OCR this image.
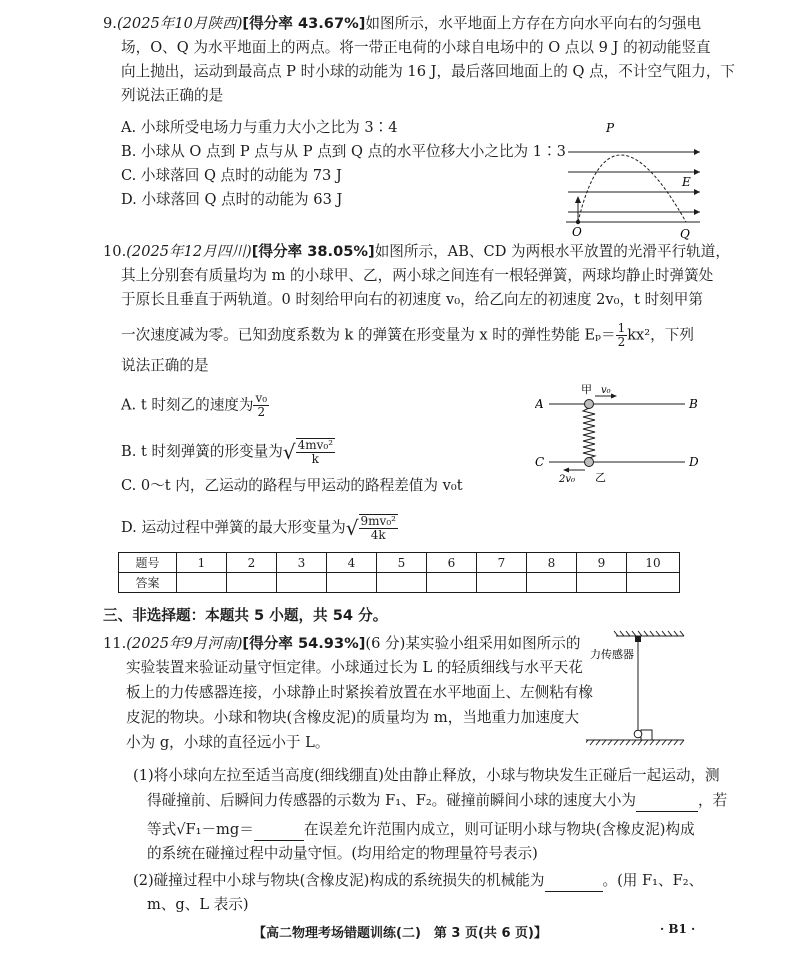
9.(2025年10月陕西)[得分率 43.67%]如图所示，水平地面上方存在方向水平向右的匀强电
场，O、Q 为水平地面上的两点。将一带正电荷的小球自电场中的 O 点以 9 J 的初动能竖直
向上抛出，运动到最高点 P 时小球的动能为 16 J，最后落回地面上的 Q 点，不计空气阻力，下
列说法正确的是
A. 小球所受电场力与重力大小之比为 3∶4
B. 小球从 O 点到 P 点与从 P 点到 Q 点的水平位移大小之比为 1∶3
C. 小球落回 Q 点时的动能为 73 J
D. 小球落回 Q 点时的动能为 63 J
P
E
O	Q
10.(2025年12月四川)[得分率 38.05%]如图所示，AB、CD 为两根水平放置的光滑平行轨道，
其上分别套有质量均为 m 的小球甲、乙，两小球之间连有一根轻弹簧，两球均静止时弹簧处
于原长且垂直于两轨道。0 时刻给甲向右的初速度 v₀，给乙向左的初速度 2v₀，t 时刻甲第
一次速度减为零。已知劲度系数为 k 的弹簧在形变量为 x 时的弹性势能 $E_p= \frac{1}{2} kx^2$，下列
说法正确的是
A. t 时刻乙的速度为 $\frac{\text{v₀}}{2}$
B. t 时刻弹簧的形变量为√ $\frac{\text{4mv₀²}}{k}$
C. 0～t 内，乙运动的路程与甲运动的路程差值为 v₀t
D. 运动过程中弹簧的最大形变量为√ $\frac{\text{9mv₀²}}{4k}$
A	B
C	D
甲 v₀
乙
2v₀
题号	1	2	3	4	5	6	7	8	9	10
答案										
三、非选择题：本题共 5 小题，共 54 分。
11.(2025年9月河南)[得分率 54.93%](6 分)某实验小组采用如图所示的
实验装置来验证动量守恒定律。小球通过长为 L 的轻质细线与水平天花
板上的力传感器连接，小球静止时紧挨着放置在水平地面上、左侧粘有橡
皮泥的物块。小球和物块(含橡皮泥)的质量均为 m，当地重力加速度大
小为 g，小球的直径远小于 L。
力传感器
(1)将小球向左拉至适当高度(细线绷直)处由静止释放，小球与物块发生正碰后一起运动，测
得碰撞前、后瞬间力传感器的示数为 F₁、F₂。碰撞前瞬间小球的速度大小为	，若
等式√F₁－mg＝	在误差允许范围内成立，则可证明小球与物块(含橡皮泥)构成
的系统在碰撞过程中动量守恒。(均用给定的物理量符号表示)
(2)碰撞过程中小球与物块(含橡皮泥)构成的系统损失的机械能为	。(用 F₁、F₂、
m、g、L 表示)
【高二物理考场错题训练(二)　第 3 页(共 6 页)】	· B1 ·
